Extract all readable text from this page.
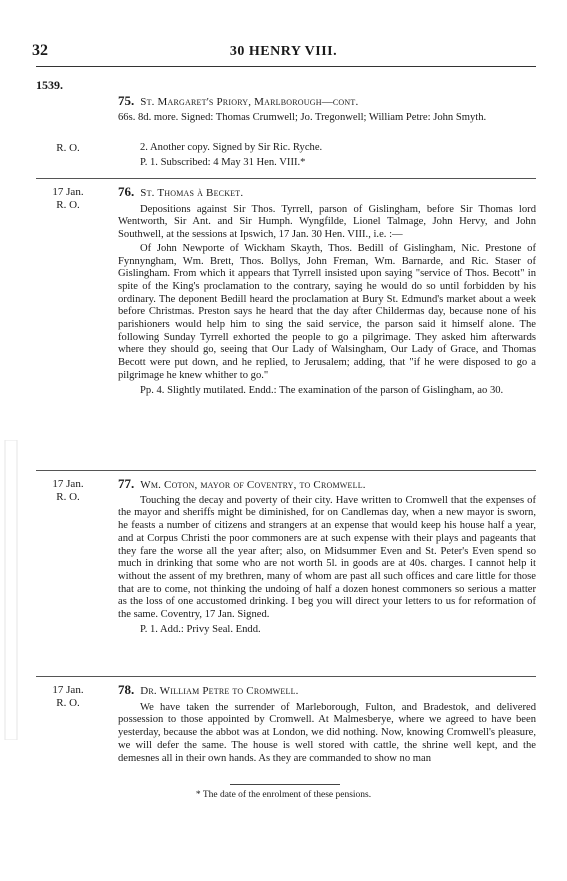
32	30 HENRY VIII.
1539.

75. St. Margaret's Priory, Marlborough—cont.

66s. 8d. more. Signed: Thomas Crumwell; Jo. Tregonwell; William Petre: John Smyth.

R. O.	2. Another copy. Signed by Sir Ric. Ryche.

P. 1. Subscribed: 4 May 31 Hen. VIII.*

17 Jan.
R. O.

76. St. Thomas à Becket.

Depositions against Sir Thos. Tyrrell, parson of Gislingham, before Sir Thomas lord Wentworth, Sir Ant. and Sir Humph. Wyngfilde, Lionel Talmage, John Hervy, and John Southwell, at the sessions at Ipswich, 17 Jan. 30 Hen. VIII., i.e. :—

Of John Newporte of Wickham Skayth, Thos. Bedill of Gislingham, Nic. Prestone of Fynnyngham, Wm. Brett, Thos. Bollys, John Freman, Wm. Barnarde, and Ric. Staser of Gislingham. From which it appears that Tyrrell insisted upon saying "service of Thos. Becott" in spite of the King's proclamation to the contrary, saying he would do so until forbidden by his ordinary. The deponent Bedill heard the proclamation at Bury St. Edmund's market about a week before Christmas. Preston says he heard that the day after Childermas day, because none of his parishioners would help him to sing the said service, the parson said it himself alone. The following Sunday Tyrrell exhorted the people to go a pilgrimage. They asked him afterwards where they should go, seeing that Our Lady of Walsingham, Our Lady of Grace, and Thomas Becott were put down, and he replied, to Jerusalem; adding, that "if he were disposed to go a pilgrimage he knew whither to go."

Pp. 4. Slightly mutilated. Endd.: The examination of the parson of Gislingham, ao 30.

17 Jan.
R. O.

77. Wm. Coton, mayor of Coventry, to Cromwell.

Touching the decay and poverty of their city. Have written to Cromwell that the expenses of the mayor and sheriffs might be diminished, for on Candlemas day, when a new mayor is sworn, he feasts a number of citizens and strangers at an expense that would keep his house half a year, and at Corpus Christi the poor commoners are at such expense with their plays and pageants that they fare the worse all the year after; also, on Midsummer Even and St. Peter's Even spend so much in drinking that some who are not worth 5l. in goods are at 40s. charges. I cannot help it without the assent of my brethren, many of whom are past all such offices and care little for those that are to come, not thinking the undoing of half a dozen honest commoners so serious a matter as the loss of one accustomed drinking. I beg you will direct your letters to us for reformation of the same. Coventry, 17 Jan. Signed.

P. 1. Add.: Privy Seal. Endd.

17 Jan.
R. O.

78. Dr. William Petre to Cromwell.

We have taken the surrender of Marleborough, Fulton, and Bradestok, and delivered possession to those appointed by Cromwell. At Malmesberye, where we agreed to have been yesterday, because the abbot was at London, we did nothing. Now, knowing Cromwell's pleasure, we will defer the same. The house is well stored with cattle, the shrine well kept, and the demesnes all in their own hands. As they are commanded to show no man

* The date of the enrolment of these pensions.
